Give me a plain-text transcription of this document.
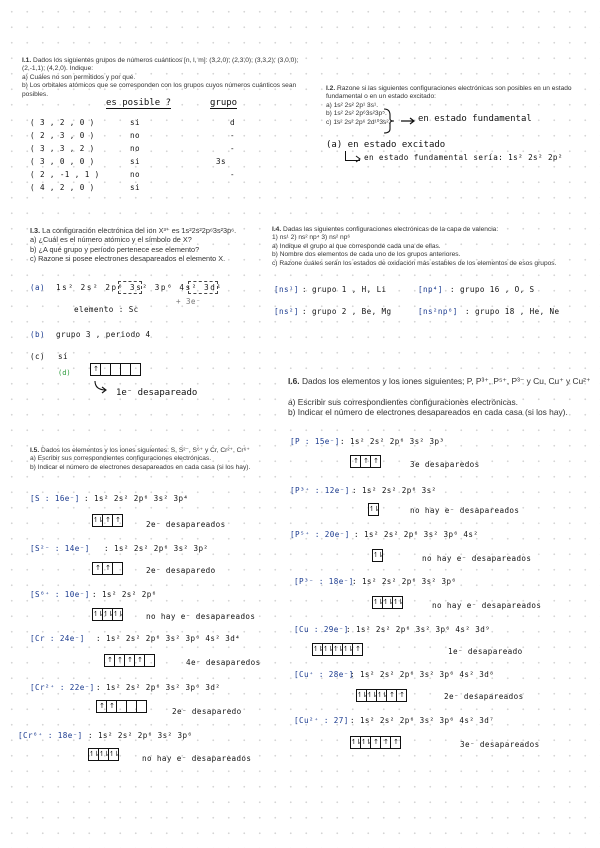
I.1. Dados los siguientes grupos de números cuánticos [n, l, m]: (3,2,0); (2,3,0); (3,3,2); (3,0,0);

(2,-1,1); (4,2,0). Indique:

a) Cuáles no son permitidos y por qué.

b) Los orbitales atómicos que se corresponden con los grupos cuyos números cuánticos sean

posibles.

es posible ?	grupo
( 3 , 2 , 0 )	si	d
( 2 , 3 , 0 )	no	-
( 3 , 3 , 2 )	no	-
( 3 , 0 , 0 )	si	3s
( 2 , -1 , 1 )	no	-
( 4 , 2 , 0 )	si

I.2. Razone si las siguientes configuraciones electrónicas son posibles en un estado

fundamental o en un estado excitado:

a) 1s² 2s² 2p¹ 3s¹.

b) 1s² 2s² 2p⁶3s²3p⁵.

c) 1s² 2s² 2p⁶ 2d¹⁰3s².	en estado fundamental
(a) en estado excitado
en estado fundamental sería: 1s² 2s² 2p²

I.3. La configuración electrónica del ion X³⁺ es 1s²2s²2p⁶3s²3p⁶.

a) ¿Cuál es el número atómico y el símbolo de X?

b) ¿A qué grupo y período pertenece ese elemento?

c) Razone si posee electrones desapareados el elemento X.

(a) 1s² 2s² 2p⁶ 3s² 3p⁶ 4s² 3d¹
+ 3e⁻
elemento : Sc
(b) grupo 3 , periodo 4
(c) sí
(d)	↑
1e⁻ desapareado

I.4. Dadas las siguientes configuraciones electrónicas de la capa de valencia:

1) ns¹ 2) ns² np⁴ 3) ns² np⁶

a) Indique el grupo al que corresponde cada una de ellas.

b) Nombre dos elementos de cada uno de los grupos anteriores.

c) Razone cuáles serán los estados de oxidación más estables de los elementos de esos grupos.

[ns¹] : grupo 1 , H, Li	[np⁴] : grupo 16 , O, S
[ns²] : grupo 2 , Be, Mg	[ns²np⁶] : grupo 18 , He, Ne

I.5. Dados los elementos y los iones siguientes: S, S²⁻, S⁶⁺ y Cr, Cr²⁺, Cr⁶⁺

a) Escribir sus correspondientes configuraciones electrónicas.

b) Indicar el número de electrones desapareados en cada casa (si los hay).

[S : 16e⁻] : 1s² 2s² 2p⁶ 3s² 3p⁴
↿⇂ ↑ ↑	2e⁻ desapareados
[S²⁻ : 14e⁻] : 1s² 2s² 2p⁶ 3s² 3p²
↑ ↑	2e⁻ desaparedo
[S⁶⁺ : 10e⁻] : 1s² 2s² 2p⁶
↿⇂ ↿⇂ ↿⇂	no hay e⁻ desapareados
[Cr : 24e⁻] : 1s² 2s² 2p⁶ 3s² 3p⁶ 4s² 3d⁴
↑ ↑ ↑ ↑	4e⁻ desaparedos
[Cr²⁺ : 22e⁻] : 1s² 2s² 2p⁶ 3s² 3p⁶ 3d²
↑ ↑
2e⁻ desaparedo
[Cr⁶⁺ : 18e⁻] : 1s² 2s² 2p⁶ 3s² 3p⁶
↿⇂ ↿⇂ ↿⇂	no hay e⁻ desapareados

I.6. Dados los elementos y los iones siguientes; P, P³⁺, P⁵⁺, P³⁻ y Cu, Cu⁺ y Cu²⁺

a) Escribir sus correspondientes configuraciones electrónicas.

b) Indicar el número de electrones desapareados en cada casa (si los hay).

[P : 15e⁻] : 1s² 2s² 2p⁶ 3s² 3p³
↑ ↑ ↑	3e desaparedos
[P³⁺ : 12e⁻] : 1s² 2s² 2p⁶ 3s²
↿⇂	no hay e⁻ desapareados
[P⁵⁺ : 20e⁻] : 1s² 2s² 2p⁶ 3s² 3p⁶ 4s²
↿⇂	no hay e⁻ desapareados
[P³⁻ : 18e⁻]
: 1s² 2s² 2p⁶ 3s² 3p⁶
↿⇂ ↿⇂ ↿⇂	no hay e⁻ desapareados
[Cu : 29e⁻]
: 1s² 2s² 2p⁶ 3s² 3p⁶ 4s² 3d⁹
↿⇂ ↿⇂ ↿⇂ ↿⇂ ↑	1e⁻ desapareado
[Cu⁺ : 28e⁻]
: 1s² 2s² 2p⁶ 3s² 3p⁶ 4s² 3d⁸
↿⇂ ↿⇂ ↿⇂ ↑ ↑	2e⁻ desapareados
[Cu²⁺ : 27] : 1s² 2s² 2p⁶ 3s² 3p⁶ 4s² 3d⁷
↿⇂ ↿⇂ ↑ ↑ ↑	3e⁻ desapareados
